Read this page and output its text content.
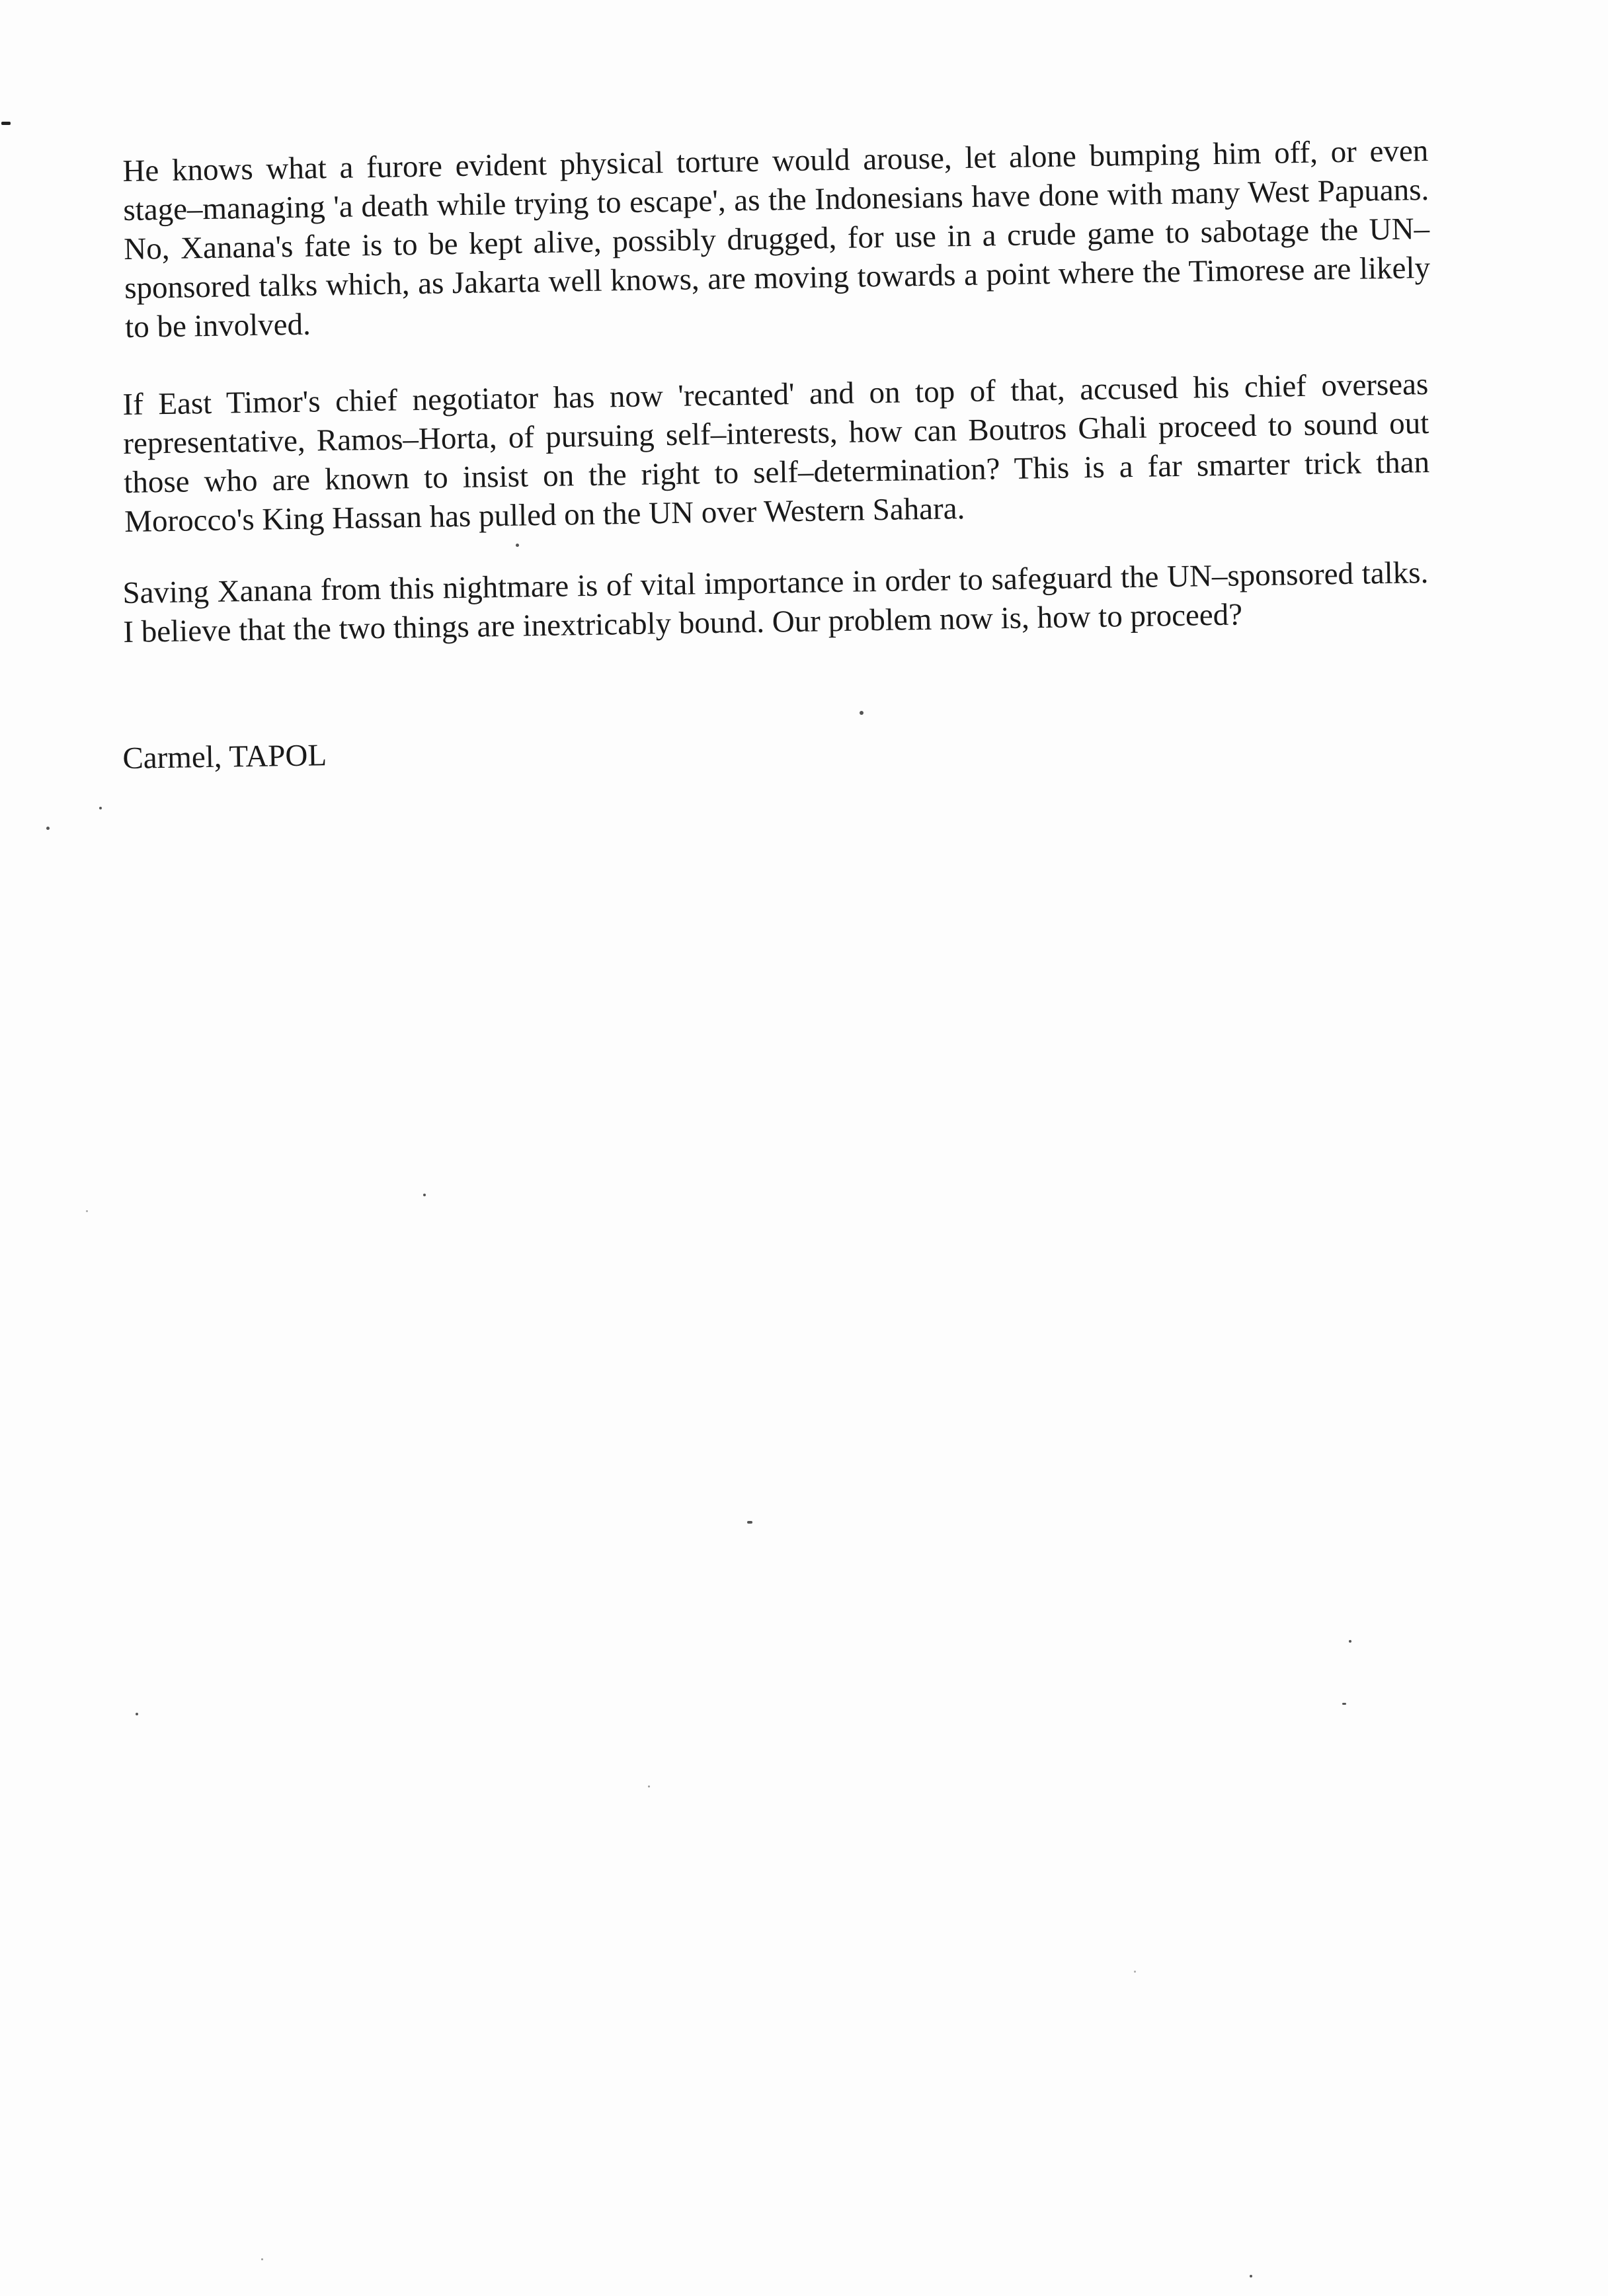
He knows what a furore evident physical torture would arouse, let alone bumping him off, or even stage–managing 'a death while trying to escape', as the Indonesians have done with many West Papuans. No, Xanana's fate is to be kept alive, possibly drugged, for use in a crude game to sabotage the UN–sponsored talks which, as Jakarta well knows, are moving towards a point where the Timorese are likely to be involved.

If East Timor's chief negotiator has now 'recanted' and on top of that, accused his chief overseas representative, Ramos–Horta, of pursuing self–interests, how can Boutros Ghali proceed to sound out those who are known to insist on the right to self–determination? This is a far smarter trick than Morocco's King Hassan has pulled on the UN over Western Sahara.

Saving Xanana from this nightmare is of vital importance in order to safeguard the UN–sponsored talks. I believe that the two things are inextricably bound. Our problem now is, how to proceed?

Carmel, TAPOL
